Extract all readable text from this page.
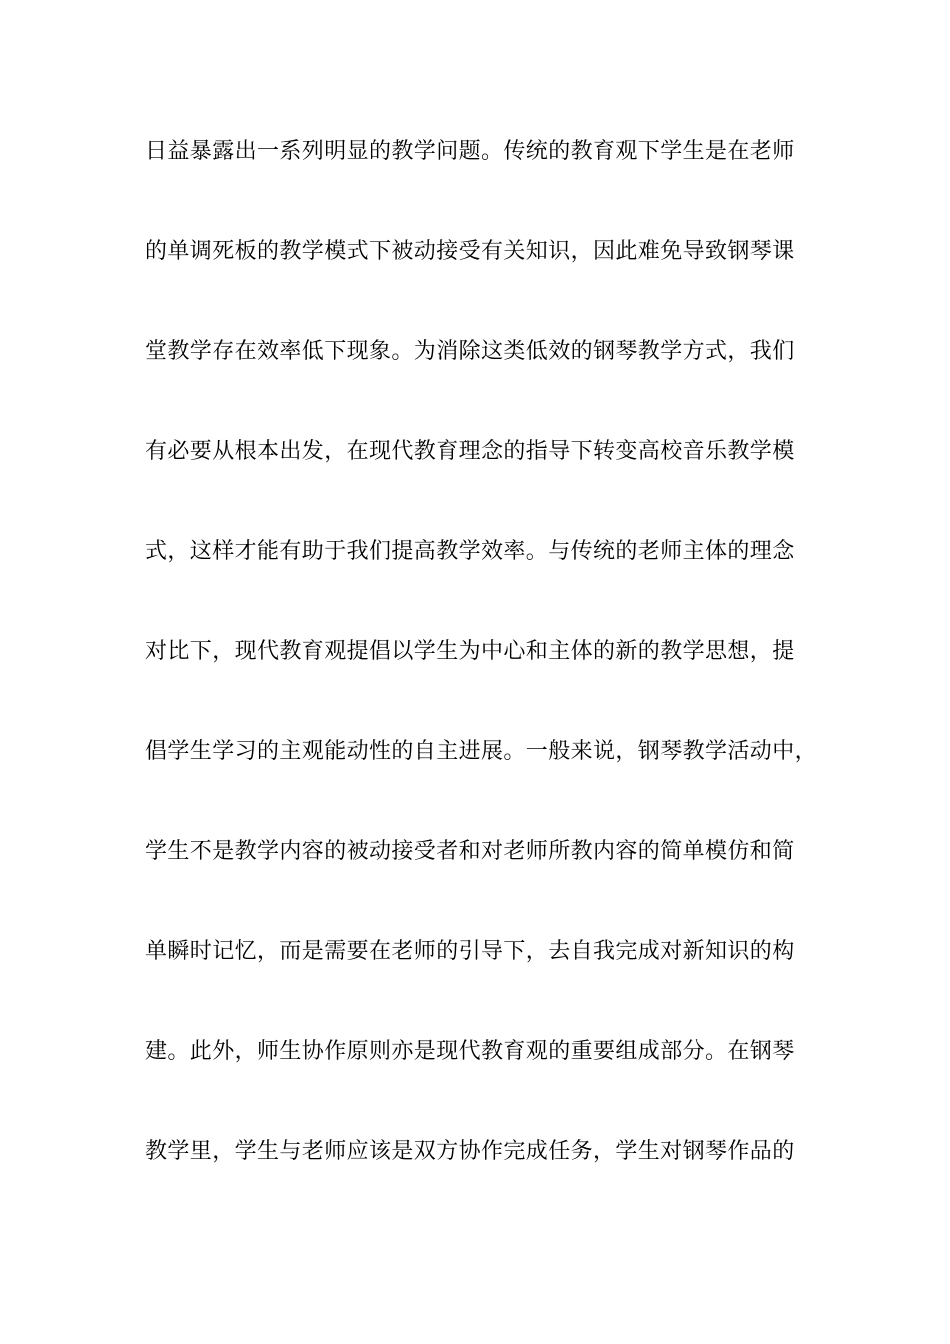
日益暴露出一系列明显的教学问题。传统的教育观下学生是在老师
的单调死板的教学模式下被动接受有关知识，因此难免导致钢琴课
堂教学存在效率低下现象。为消除这类低效的钢琴教学方式，我们
有必要从根本出发，在现代教育理念的指导下转变高校音乐教学模
式，这样才能有助于我们提高教学效率。与传统的老师主体的理念
对比下，现代教育观提倡以学生为中心和主体的新的教学思想，提
倡学生学习的主观能动性的自主进展。一般来说，钢琴教学活动中，
学生不是教学内容的被动接受者和对老师所教内容的简单模仿和简
单瞬时记忆，而是需要在老师的引导下，去自我完成对新知识的构
建。此外，师生协作原则亦是现代教育观的重要组成部分。在钢琴
教学里，学生与老师应该是双方协作完成任务，学生对钢琴作品的
